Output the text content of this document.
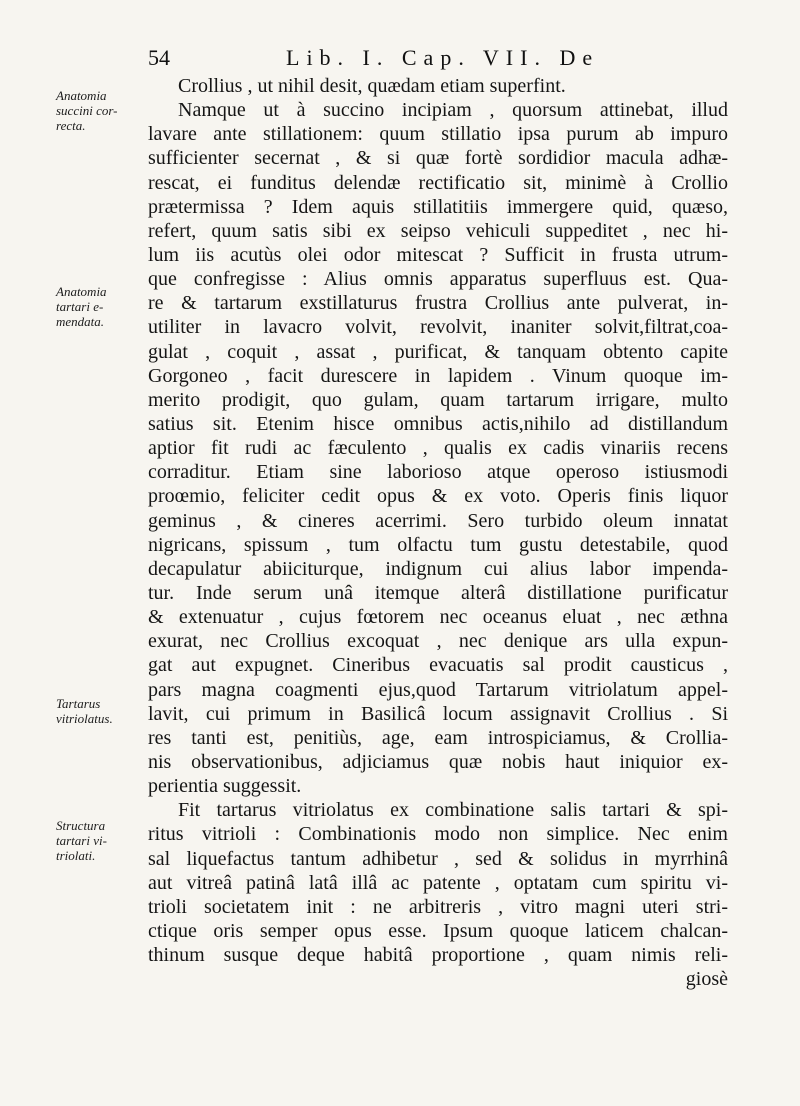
54	Lib. I. Cap. VII. De
Anatomia
succini cor-
recta.
Anatomia
tartari e-
mendata.
Tartarus
vitriolatus.
Structura
tartari vi-
triolati.
Crollius , ut nihil desit, quædam etiam superfint.
Namque ut à succino incipiam , quorsum attinebat, illud
lavare ante stillationem: quum stillatio ipsa purum ab impuro
sufficienter secernat , & si quæ fortè sordidior macula adhæ-
rescat, ei funditus delendæ rectificatio sit, minimè à Crollio
prætermissa ? Idem aquis stillatitiis immergere quid, quæso,
refert, quum satis sibi ex seipso vehiculi suppeditet , nec hi-
lum iis acutùs olei odor mitescat ? Sufficit in frusta utrum-
que confregisse : Alius omnis apparatus superfluus est. Qua-
re & tartarum exstillaturus frustra Crollius ante pulverat, in-
utiliter in lavacro volvit, revolvit, inaniter solvit,filtrat,coa-
gulat , coquit , assat , purificat, & tanquam obtento capite
Gorgoneo , facit durescere in lapidem . Vinum quoque im-
merito prodigit, quo gulam, quam tartarum irrigare, multo
satius sit. Etenim hisce omnibus actis,nihilo ad distillandum
aptior fit rudi ac fæculento , qualis ex cadis vinariis recens
corraditur. Etiam sine laborioso atque operoso istiusmodi
proœmio, feliciter cedit opus & ex voto. Operis finis liquor
geminus , & cineres acerrimi. Sero turbido oleum innatat
nigricans, spissum , tum olfactu tum gustu detestabile, quod
decapulatur abiiciturque, indignum cui alius labor impenda-
tur. Inde serum unâ itemque alterâ distillatione purificatur
& extenuatur , cujus fœtorem nec oceanus eluat , nec æthna
exurat, nec Crollius excoquat , nec denique ars ulla expun-
gat aut expugnet. Cineribus evacuatis sal prodit causticus ,
pars magna coagmenti ejus,quod Tartarum vitriolatum appel-
lavit, cui primum in Basilicâ locum assignavit Crollius . Si
res tanti est, penitiùs, age, eam introspiciamus, & Crollia-
nis observationibus, adjiciamus quæ nobis haut iniquior ex-
perientia suggessit.
Fit tartarus vitriolatus ex combinatione salis tartari & spi-
ritus vitrioli : Combinationis modo non simplice. Nec enim
sal liquefactus tantum adhibetur , sed & solidus in myrrhinâ
aut vitreâ patinâ latâ illâ ac patente , optatam cum spiritu vi-
trioli societatem init : ne arbitreris , vitro magni uteri stri-
ctique oris semper opus esse. Ipsum quoque laticem chalcan-
thinum susque deque habitâ proportione , quam nimis reli-
giosè
